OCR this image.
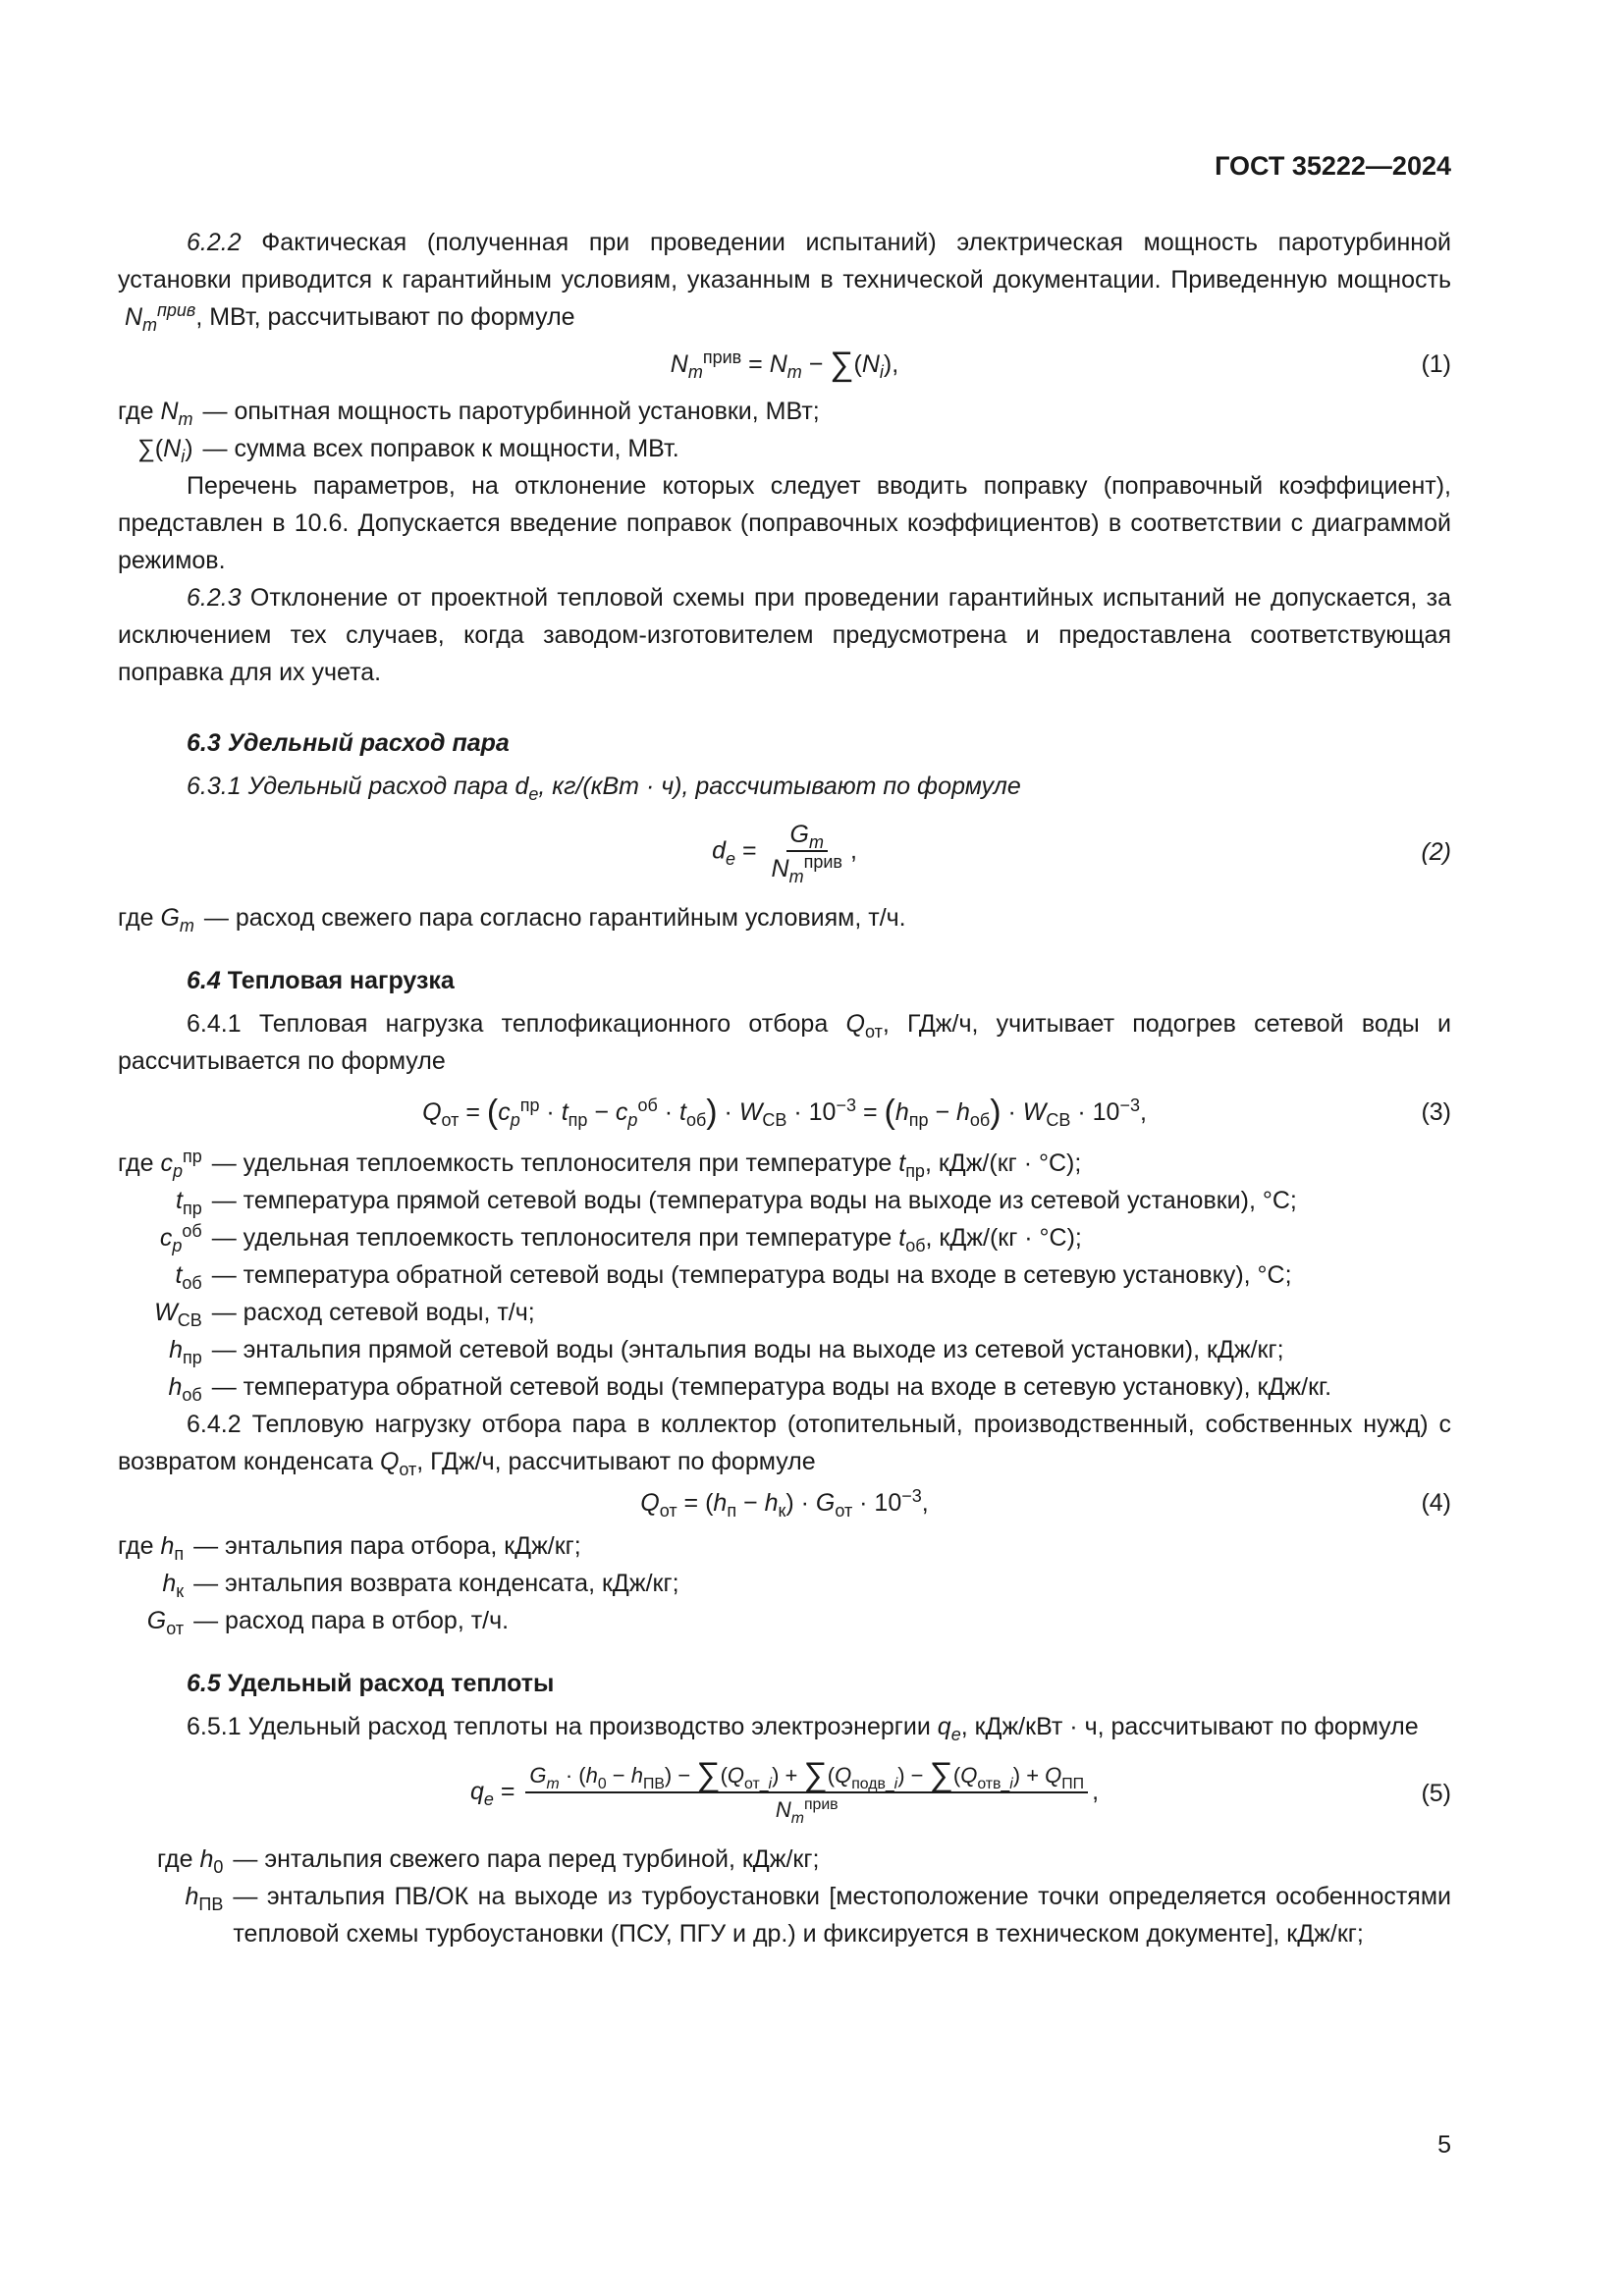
ГОСТ 35222—2024

6.2.2 Фактическая (полученная при проведении испытаний) электрическая мощность паротурбинной установки приводится к гарантийным условиям, указанным в технической документации. Приведенную мощность  $N_m^{прив}$, МВт, рассчитывают по формуле

$N_m^{прив} = N_m - \sum(N_i)$,	(1)
где $N_m$ — опытная мощность паротурбинной установки, МВт;
$\sum(N_i)$ — сумма всех поправок к мощности, МВт.

Перечень параметров, на отклонение которых следует вводить поправку (поправочный коэффициент), представлен в 10.6. Допускается введение поправок (поправочных коэффициентов) в соответствии с диаграммой режимов.

6.2.3 Отклонение от проектной тепловой схемы при проведении гарантийных испытаний не допускается, за исключением тех случаев, когда заводом-изготовителем предусмотрена и предоставлена соответствующая поправка для их учета.

6.3 Удельный расход пара

6.3.1 Удельный расход пара $d_e$, кг/(кВт · ч), рассчитывают по формуле

$d_e = \frac{G_m}{N_m^{прив}}$ ,	(2)
где $G_m$ — расход свежего пара согласно гарантийным условиям, т/ч.

6.4 Тепловая нагрузка

6.4.1 Тепловая нагрузка теплофикационного отбора $Q_{от}$, ГДж/ч, учитывает подогрев сетевой воды и рассчитывается по формуле

$Q_{от} = (c_p^{пр} \cdot t_{пр} - c_p^{об} \cdot t_{об}) \cdot W_{СВ} \cdot 10^{-3} = (h_{пр} - h_{об}) \cdot W_{СВ} \cdot 10^{-3}$,	(3)
где $c_p^{пр}$ — удельная теплоемкость теплоносителя при температуре $t_{пр}$, кДж/(кг · °С);
$t_{пр}$ — температура прямой сетевой воды (температура воды на выходе из сетевой установки), °С;
$c_p^{об}$ — удельная теплоемкость теплоносителя при температуре $t_{об}$, кДж/(кг · °С);
$t_{об}$ — температура обратной сетевой воды (температура воды на входе в сетевую установку), °С;
$W_{СВ}$ — расход сетевой воды, т/ч;
$h_{пр}$ — энтальпия прямой сетевой воды (энтальпия воды на выходе из сетевой установки), кДж/кг;
$h_{об}$ — температура обратной сетевой воды (температура воды на входе в сетевую установку), кДж/кг.

6.4.2 Тепловую нагрузку отбора пара в коллектор (отопительный, производственный, собственных нужд) с возвратом конденсата $Q_{от}$, ГДж/ч, рассчитывают по формуле

$Q_{от} = (h_п - h_к) \cdot G_{от} \cdot 10^{-3}$,	(4)
где $h_п$ — энтальпия пара отбора, кДж/кг;
$h_к$ — энтальпия возврата конденсата, кДж/кг;
$G_{от}$ — расход пара в отбор, т/ч.

6.5 Удельный расход теплоты

6.5.1 Удельный расход теплоты на производство электроэнергии $q_e$, кДж/кВт · ч, рассчитывают по формуле

$q_e = \frac{G_m \cdot (h_0 - h_{ПВ}) - \sum(Q_{от\_i}) + \sum(Q_{подв\_i}) - \sum(Q_{отв\_i}) + Q_{ПП}}{N_m^{прив}}$ ,	(5)
где $h_0$ — энтальпия свежего пара перед турбиной, кДж/кг;
$h_{ПВ}$ — энтальпия ПВ/ОК на выходе из турбоустановки [местоположение точки определяется особенностями тепловой схемы турбоустановки (ПСУ, ПГУ и др.) и фиксируется в техническом документе], кДж/кг;
5
